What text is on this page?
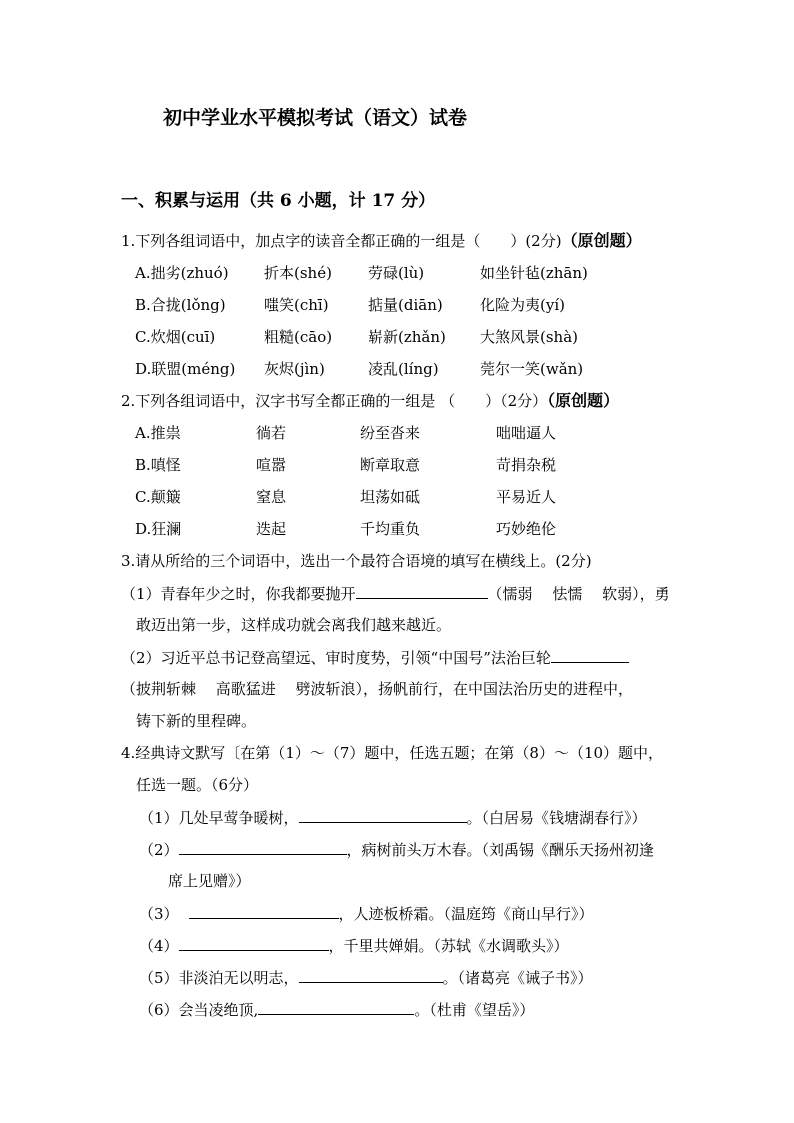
初中学业水平模拟考试（语文）试卷
一、积累与运用（共 6 小题，计 17 分）
1.下列各组词语中，加点字的读音全都正确的一组是（　　）(2分)（原创题）
A.拙劣(zhuó) 折本(shé) 劳碌(lù)	如坐针毡(zhān)
B.合拢(lǒng)	嗤笑(chī)	掂量(diān) 化险为夷(yí)
C.炊烟(cuī)	粗糙(cāo) 崭新(zhǎn) 大煞风景(shà)
D.联盟(méng) 灰烬(jìn)	凌乱(líng)	莞尔一笑(wǎn)
2.下列各组词语中，汉字书写全都正确的一组是 （　　）（2分）（原创题）
A.推祟	徜若	纷至沓来	咄咄逼人
B.嗔怪	喧嚣	断章取意	苛捐杂税
C.颠簸	窒息	坦荡如砥	平易近人
D.狂澜	迭起	千均重负	巧妙绝伦
3.请从所给的三个词语中，选出一个最符合语境的填写在横线上。(2分)
（1）青春年少之时，你我都要抛开	（懦弱　 怯懦　 软弱），勇
敢迈出第一步，这样成功就会离我们越来越近。
（2）习近平总书记登高望远、审时度势，引领“中国号”法治巨轮
（披荆斩棘　 高歌猛进　 劈波斩浪），扬帆前行，在中国法治历史的进程中，
铸下新的里程碑。
4.经典诗文默写〔在第（1）～（7）题中，任选五题；在第（8）～（10）题中，
任选一题。（6分）
（1）几处早莺争暖树，	。（白居易《钱塘湖春行》）
（2）	，病树前头万木春。（刘禹锡《酬乐天扬州初逢
席上见赠》）
（3）	，人迹板桥霜。（温庭筠《商山早行》）
（4）	，千里共婵娟。（苏轼《水调歌头》）
（5）非淡泊无以明志，	。（诸葛亮《诫子书》）
（6）会当凌绝顶,	。（杜甫《望岳》）
